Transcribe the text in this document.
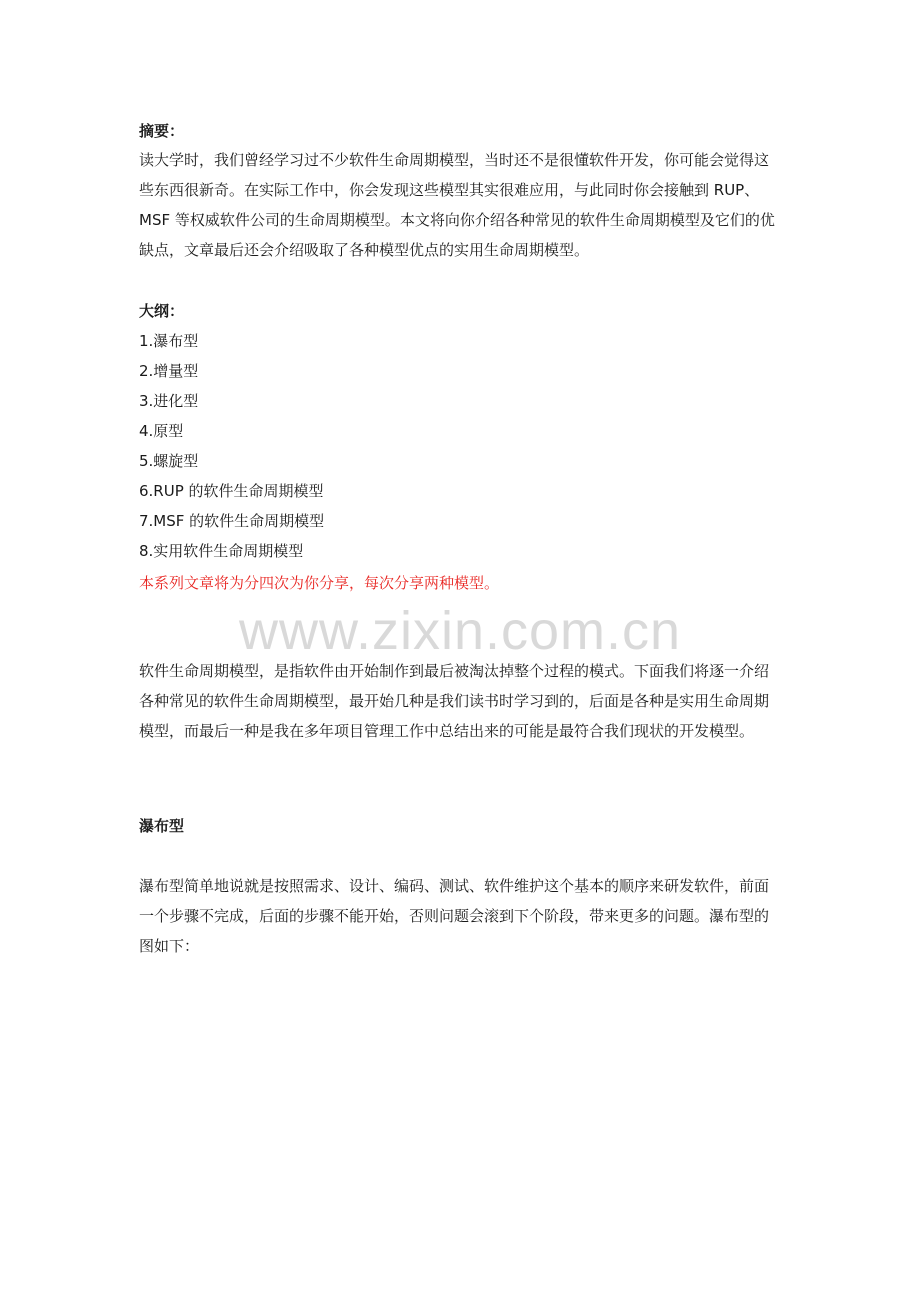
摘要：

读大学时，我们曾经学习过不少软件生命周期模型，当时还不是很懂软件开发，你可能会觉得这些东西很新奇。在实际工作中，你会发现这些模型其实很难应用，与此同时你会接触到 RUP、MSF 等权威软件公司的生命周期模型。本文将向你介绍各种常见的软件生命周期模型及它们的优缺点，文章最后还会介绍吸取了各种模型优点的实用生命周期模型。

大纲：

1.瀑布型
2.增量型
3.进化型
4.原型
5.螺旋型
6.RUP 的软件生命周期模型
7.MSF 的软件生命周期模型
8.实用软件生命周期模型

本系列文章将为分四次为你分享，每次分享两种模型。

www.zixin.com.cn

软件生命周期模型，是指软件由开始制作到最后被淘汰掉整个过程的模式。下面我们将逐一介绍各种常见的软件生命周期模型，最开始几种是我们读书时学习到的，后面是各种是实用生命周期模型，而最后一种是我在多年项目管理工作中总结出来的可能是最符合我们现状的开发模型。

瀑布型

瀑布型简单地说就是按照需求、设计、编码、测试、软件维护这个基本的顺序来研发软件，前面一个步骤不完成，后面的步骤不能开始，否则问题会滚到下个阶段，带来更多的问题。瀑布型的图如下：
